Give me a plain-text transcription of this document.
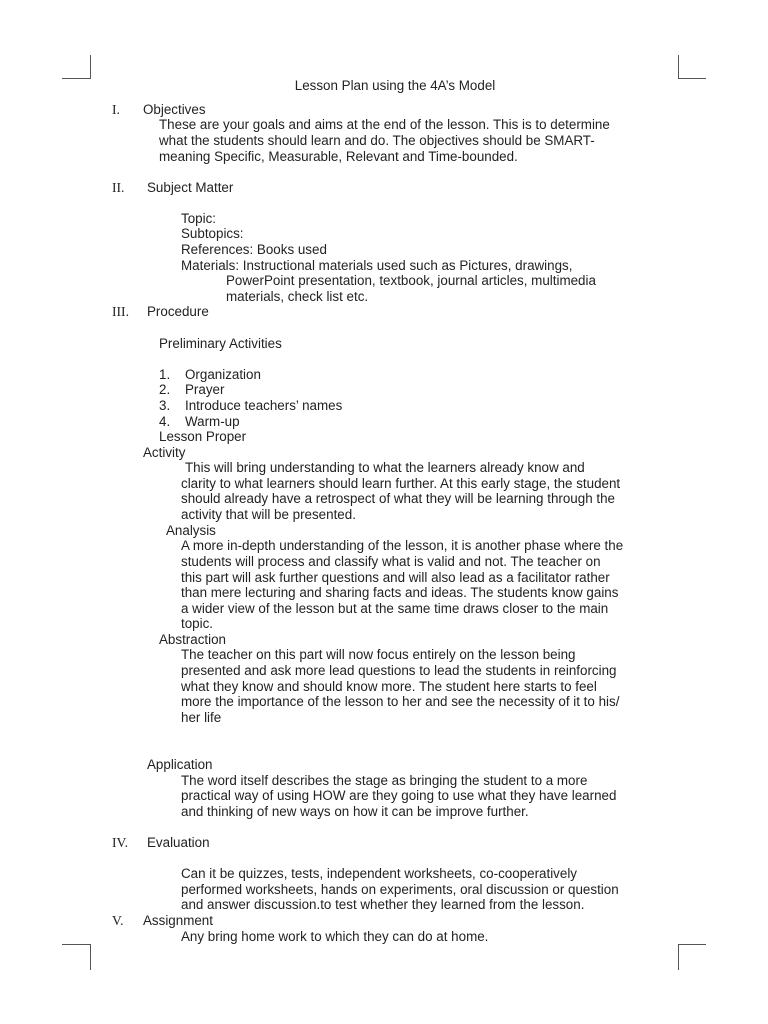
Lesson Plan using the 4A’s Model
I. Objectives
These are your goals and aims at the end of the lesson. This is to determine
what the students should learn and do. The objectives should be SMART-
meaning Specific, Measurable, Relevant and Time-bounded.
II. Subject Matter
Topic:
Subtopics:
References: Books used
Materials: Instructional materials used such as Pictures, drawings,
PowerPoint presentation, textbook, journal articles, multimedia
materials, check list etc.
III. Procedure
Preliminary Activities
1. Organization
2. Prayer
3. Introduce teachers’ names
4. Warm-up
Lesson Proper
Activity
This will bring understanding to what the learners already know and
clarity to what learners should learn further. At this early stage, the student
should already have a retrospect of what they will be learning through the
activity that will be presented.
Analysis
A more in-depth understanding of the lesson, it is another phase where the
students will process and classify what is valid and not. The teacher on
this part will ask further questions and will also lead as a facilitator rather
than mere lecturing and sharing facts and ideas. The students know gains
a wider view of the lesson but at the same time draws closer to the main
topic.
Abstraction
The teacher on this part will now focus entirely on the lesson being
presented and ask more lead questions to lead the students in reinforcing
what they know and should know more. The student here starts to feel
more the importance of the lesson to her and see the necessity of it to his/
her life
Application
The word itself describes the stage as bringing the student to a more
practical way of using HOW are they going to use what they have learned
and thinking of new ways on how it can be improve further.
IV. Evaluation
Can it be quizzes, tests, independent worksheets, co-cooperatively
performed worksheets, hands on experiments, oral discussion or question
and answer discussion.to test whether they learned from the lesson.
V. Assignment
Any bring home work to which they can do at home.
